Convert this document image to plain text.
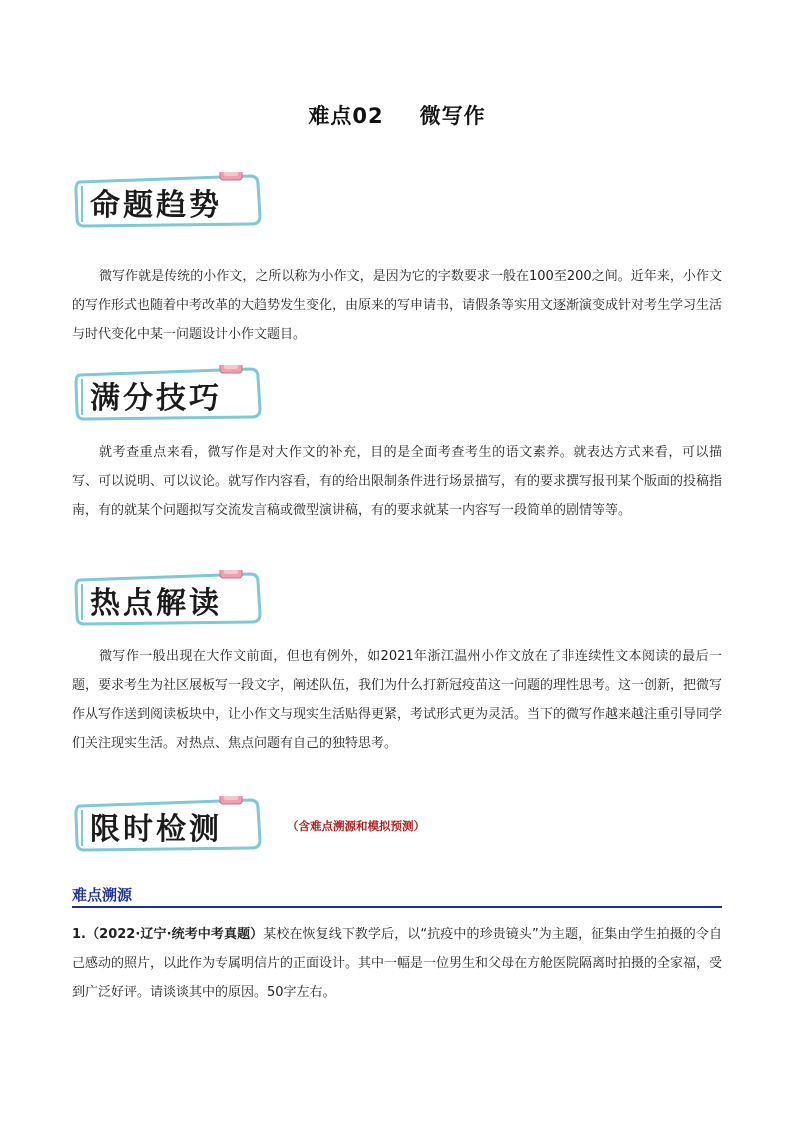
难点02 微写作
命题趋势
微写作就是传统的小作文，之所以称为小作文，是因为它的字数要求一般在100至200之间。近年来，小作文的写作形式也随着中考改革的大趋势发生变化，由原来的写申请书，请假条等实用文逐渐演变成针对考生学习生活与时代变化中某一问题设计小作文题目。
满分技巧
就考查重点来看，微写作是对大作文的补充，目的是全面考查考生的语文素养。就表达方式来看，可以描写、可以说明、可以议论。就写作内容看，有的给出限制条件进行场景描写，有的要求撰写报刊某个版面的投稿指南，有的就某个问题拟写交流发言稿或微型演讲稿，有的要求就某一内容写一段简单的剧情等等。
热点解读
微写作一般出现在大作文前面，但也有例外，如2021年浙江温州小作文放在了非连续性文本阅读的最后一题，要求考生为社区展板写一段文字，阐述队伍，我们为什么打新冠疫苗这一问题的理性思考。这一创新，把微写作从写作送到阅读板块中，让小作文与现实生活贴得更紧，考试形式更为灵活。当下的微写作越来越注重引导同学们关注现实生活。对热点、焦点问题有自己的独特思考。
限时检测	（含难点溯源和模拟预测）
难点溯源
1.（2022·辽宁·统考中考真题）某校在恢复线下教学后，以“抗疫中的珍贵镜头”为主题，征集由学生拍摄的令自己感动的照片，以此作为专属明信片的正面设计。其中一幅是一位男生和父母在方舱医院隔离时拍摄的全家福，受到广泛好评。请谈谈其中的原因。50字左右。
